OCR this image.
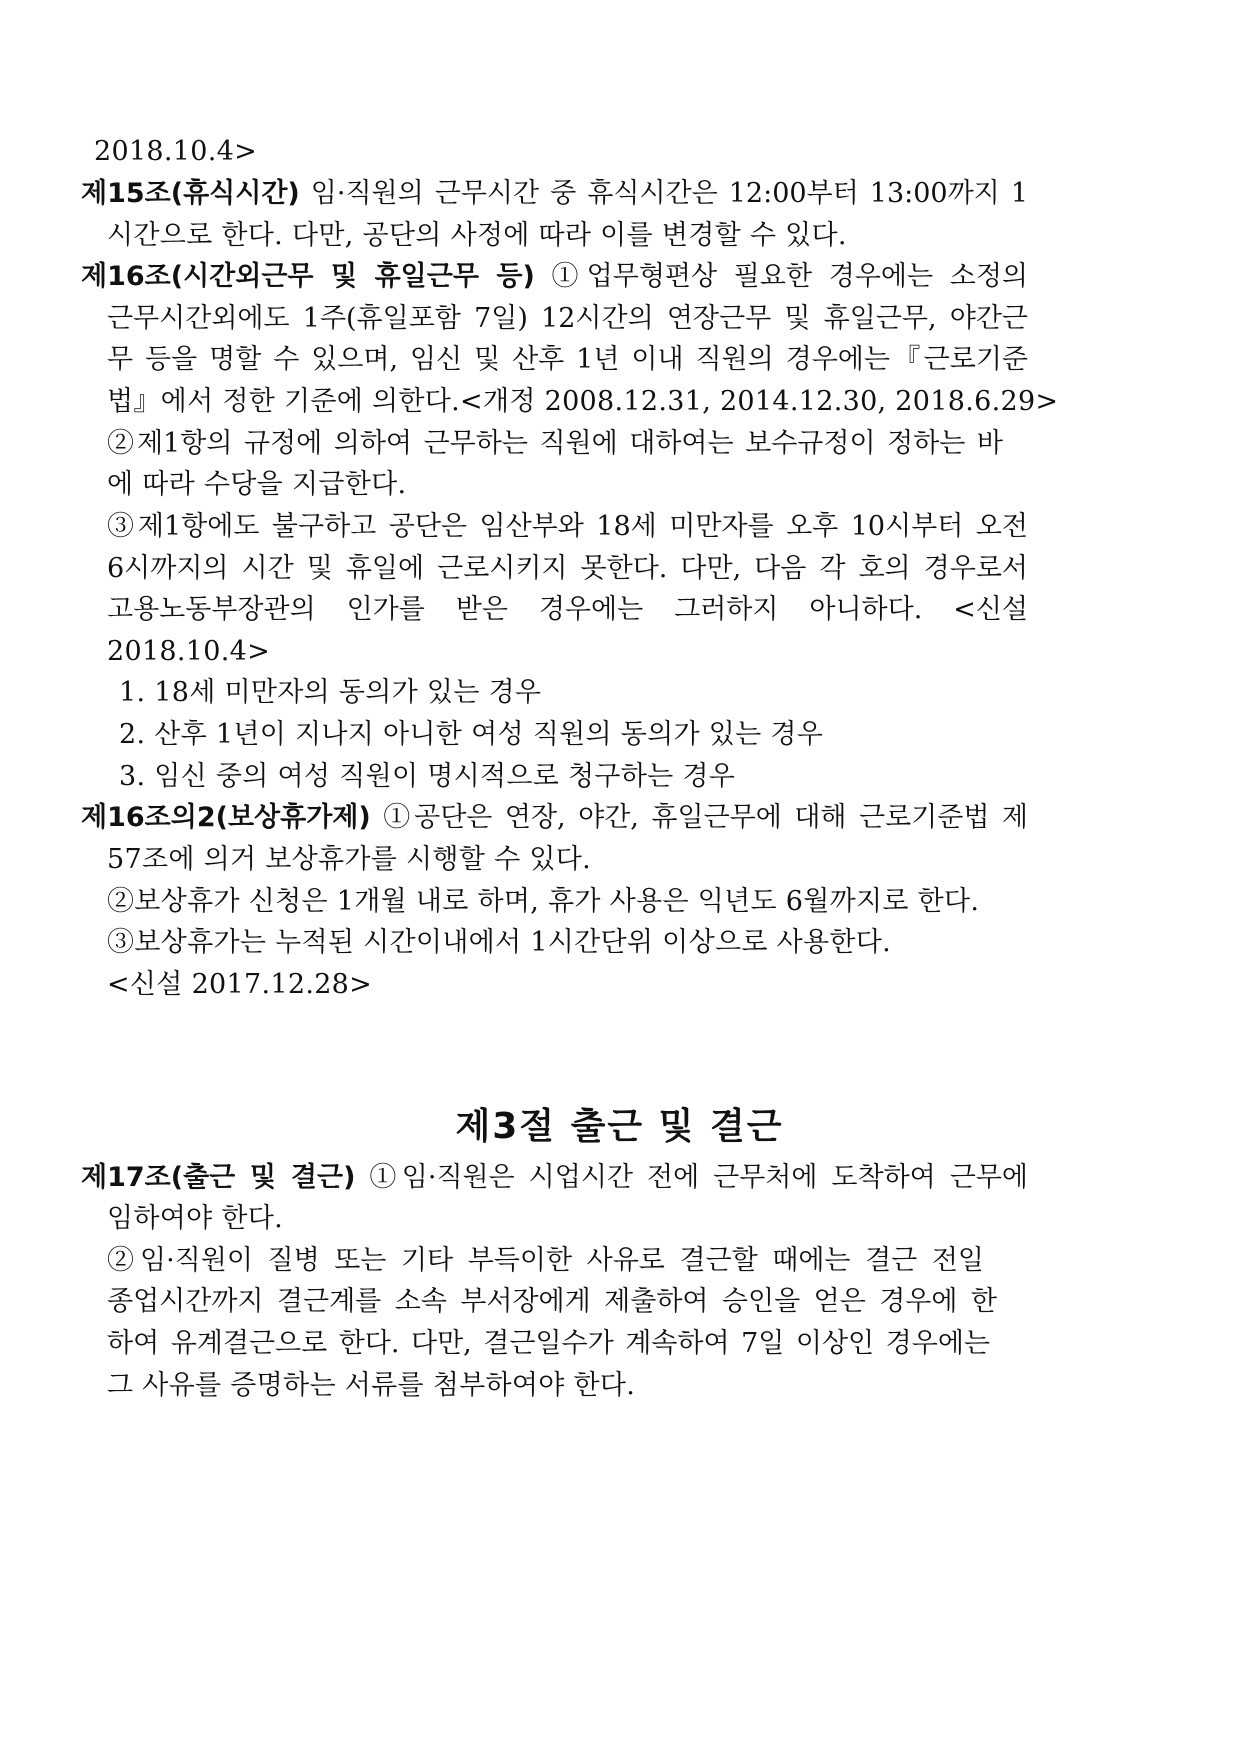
2018.10.4>
제15조(휴식시간) 임·직원의 근무시간 중 휴식시간은 12:00부터 13:00까지 1
시간으로 한다. 다만, 공단의 사정에 따라 이를 변경할 수 있다.
제16조(시간외근무 및 휴일근무 등) ①업무형편상 필요한 경우에는 소정의
근무시간외에도 1주(휴일포함 7일) 12시간의 연장근무 및 휴일근무, 야간근
무 등을 명할 수 있으며, 임신 및 산후 1년 이내 직원의 경우에는『근로기준
법』에서 정한 기준에 의한다.<개정 2008.12.31, 2014.12.30, 2018.6.29>
②제1항의 규정에 의하여 근무하는 직원에 대하여는 보수규정이 정하는 바
에 따라 수당을 지급한다.
③제1항에도 불구하고 공단은 임산부와 18세 미만자를 오후 10시부터 오전
6시까지의 시간 및 휴일에 근로시키지 못한다. 다만, 다음 각 호의 경우로서
고용노동부장관의 인가를 받은 경우에는 그러하지 아니하다. <신설
2018.10.4>
1. 18세 미만자의 동의가 있는 경우
2. 산후 1년이 지나지 아니한 여성 직원의 동의가 있는 경우
3. 임신 중의 여성 직원이 명시적으로 청구하는 경우
제16조의2(보상휴가제) ①공단은 연장, 야간, 휴일근무에 대해 근로기준법 제
57조에 의거 보상휴가를 시행할 수 있다.
②보상휴가 신청은 1개월 내로 하며, 휴가 사용은 익년도 6월까지로 한다.
③보상휴가는 누적된 시간이내에서 1시간단위 이상으로 사용한다.
<신설 2017.12.28>
제3절 출근 및 결근
제17조(출근 및 결근) ①임·직원은 시업시간 전에 근무처에 도착하여 근무에
임하여야 한다.
②임·직원이 질병 또는 기타 부득이한 사유로 결근할 때에는 결근 전일
종업시간까지 결근계를 소속 부서장에게 제출하여 승인을 얻은 경우에 한
하여 유계결근으로 한다. 다만, 결근일수가 계속하여 7일 이상인 경우에는
그 사유를 증명하는 서류를 첨부하여야 한다.
